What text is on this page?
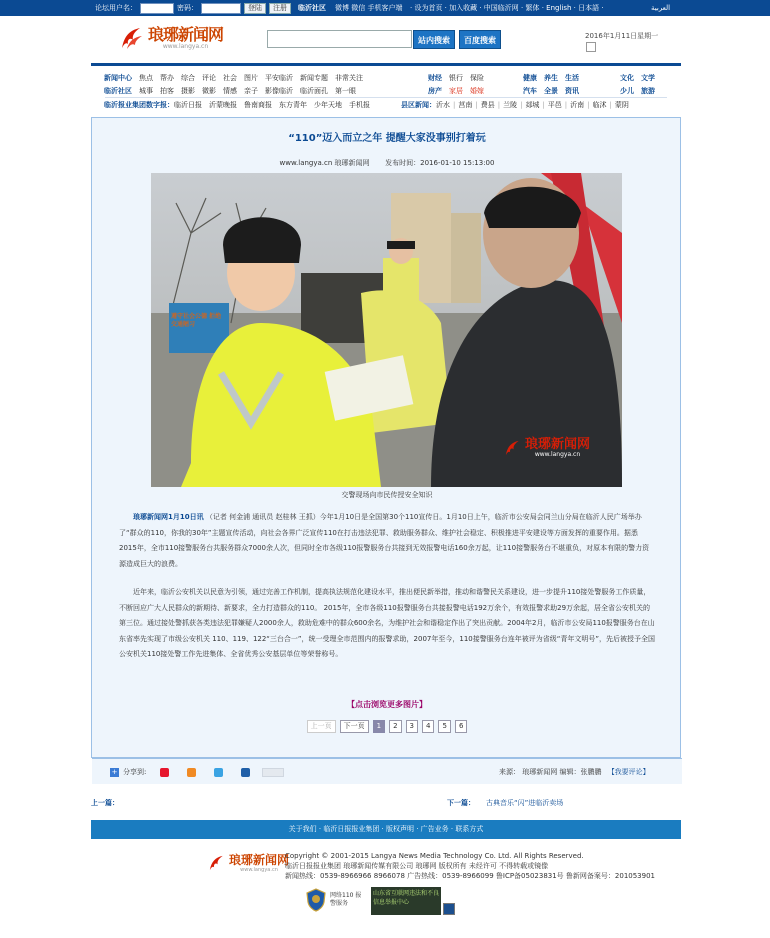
论坛用户名：	密码：	登陆	注册	临沂社区 微博 微信 手机客户端 · 设为首页 · 加入收藏 · 中国临沂网 · 繁体 · English · 日本語 ·	العربية
琅琊新闻网
www.langya.cn
站内搜索	百度搜索	2016年1月11日星期一
新闻中心 焦点 帮办 综合 评论 社会 图片 平安临沂 新闻专题 非常关注	财经 银行 保险	健康 养生 生活	文化 文学
临沂社区 城事 拍客 摄影 微影 情感 亲子 影像临沂 临沂面孔 第一眼	房产 家居 婚嫁	汽车 全景 资讯	少儿 旅游
临沂报业集团数字报：临沂日报 沂蒙晚报 鲁南商报 东方青年 少年天地 手机报	县区新闻：沂水 | 莒南 | 费县 | 兰陵 | 郯城 | 平邑 | 沂南 | 临沭 | 蒙阴
“110”迈入而立之年 提醒大家没事别打着玩
www.langya.cn 琅琊新闻网 发布时间：2016-01-10 15:13:00
琅琊新闻网
www.langya.cn
遵守社会公德 拒绝交通陋习
交警现场向市民传授安全知识
琅琊新闻网1月10日讯 （记者 何金浦 通讯员 赵桂林 王抓）今年1月10日是全国第30个110宣传日。1月10日上午，临沂市公安局会同兰山分局在临沂人民广场举办了“群众的110，你我的30年”主题宣传活动，向社会各界广泛宣传110在打击违法犯罪、救助服务群众、维护社会稳定、积极推进平安建设等方面发挥的重要作用。据悉2015年，全市110接警服务台共服务群众7000余人次，但同时全市各级110报警服务台共接到无效报警电话160余万起，让110接警服务台不堪重负，对原本有限的警力资源造成巨大的浪费。
近年来，临沂公安机关以民意为引领，通过完善工作机制，提高执法规范化建设水平，推出便民新举措，推动和谐警民关系建设，进一步提升110接处警服务工作质量，不断回应广大人民群众的新期待、新要求，全力打造群众的110。 2015年，全市各级110报警服务台共接报警电话192万余个，有效报警求助29万余起，居全省公安机关的第三位。通过接处警抓获各类违法犯罪嫌疑人2000余人，救助危难中的群众600余名，为维护社会和谐稳定作出了突出贡献。2004年2月，临沂市公安局110报警服务台在山东省率先实现了市级公安机关 110、119、122“三台合一”，统一受理全市范围内的报警求助，2007年至今，110接警服务台连年被评为省级“青年文明号”，先后被授予全国公安机关110接处警工作先进集体、全省优秀公安基层单位等荣誉称号。
【点击浏览更多图片】
上一页	下一页	1	2	3	4	5	6
+ 分享到:	来源： 琅琊新闻网 编辑：张鹏鹏 【我要评论】
上一篇：	下一篇： 古典音乐“闪”进临沂卖场
关于我们 · 临沂日报报业集团 · 版权声明 · 广告业务 · 联系方式
琅琊新闻网
www.langya.cn
Copyright © 2001-2015 Langya News Media Technology Co. Ltd. All Rights Reserved.
临沂日报报业集团 琅琊新闻传媒有限公司 琅琊网 版权所有 未经许可 不得转载或镜像
新闻热线：0539-8966966 8966078 广告热线：0539-8966099 鲁ICP备05023831号 鲁新网备案号：201053901
网络110 报警服务
山东省互联网违法和不良信息举报中心
